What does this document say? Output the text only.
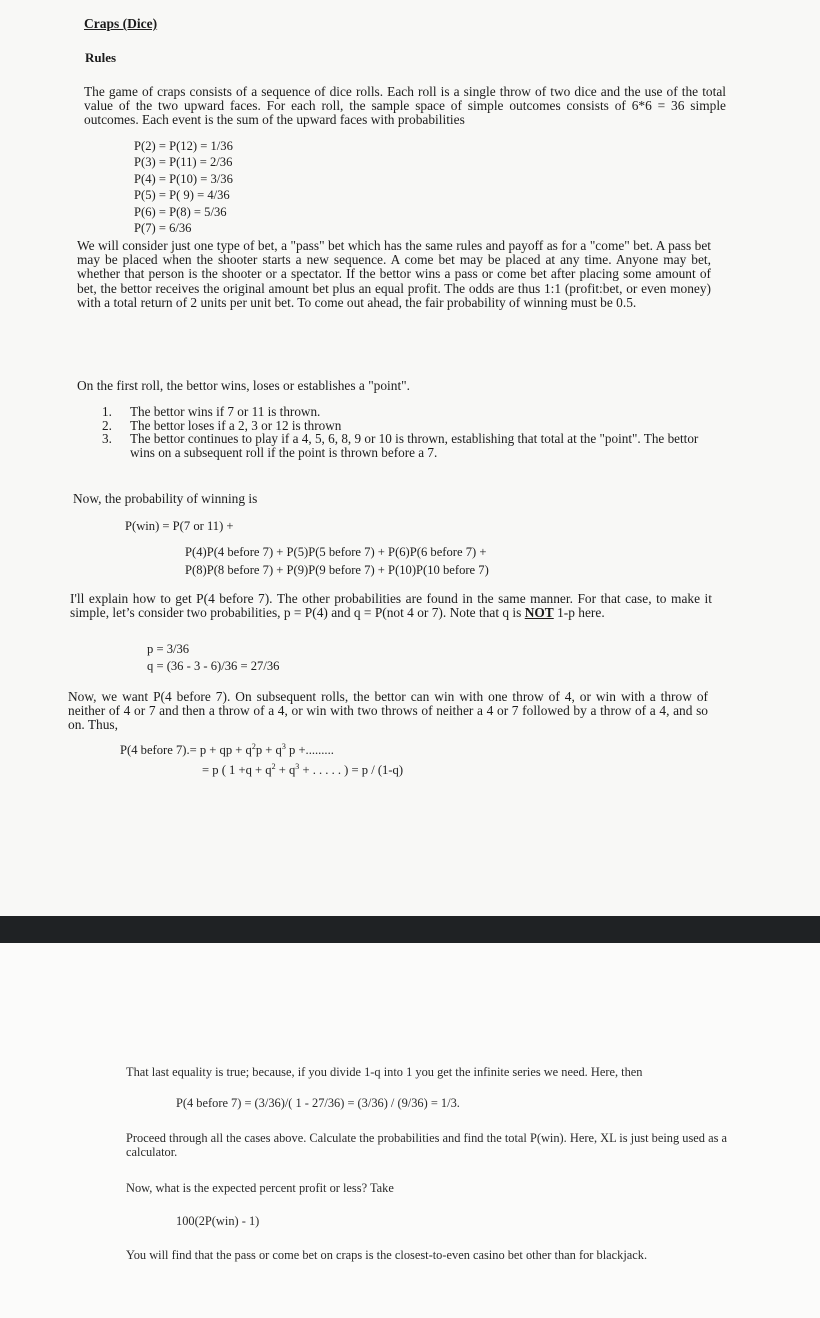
Craps (Dice)
Rules
The game of craps consists of a sequence of dice rolls. Each roll is a single throw of two dice and the use of the total value of the two upward faces. For each roll, the sample space of simple outcomes consists of 6*6 = 36 simple outcomes. Each event is the sum of the upward faces with probabilities
P(2) = P(12) = 1/36
P(3) = P(11) = 2/36
P(4) = P(10) = 3/36
P(5) = P( 9) = 4/36
P(6) = P(8) = 5/36
P(7) = 6/36
We will consider just one type of bet, a "pass" bet which has the same rules and payoff as for a "come" bet. A pass bet may be placed when the shooter starts a new sequence. A come bet may be placed at any time. Anyone may bet, whether that person is the shooter or a spectator. If the bettor wins a pass or come bet after placing some amount of bet, the bettor receives the original amount bet plus an equal profit. The odds are thus 1:1 (profit:bet, or even money) with a total return of 2 units per unit bet. To come out ahead, the fair probability of winning must be 0.5.
On the first roll, the bettor wins, loses or establishes a "point".
1. The bettor wins if 7 or 11 is thrown.
2. The bettor loses if a 2, 3 or 12 is thrown
3. The bettor continues to play if a 4, 5, 6, 8, 9 or 10 is thrown, establishing that total at the "point". The bettor wins on a subsequent roll if the point is thrown before a 7.
Now, the probability of winning is
P(win) = P(7 or 11) +
P(4)P(4 before 7) + P(5)P(5 before 7) + P(6)P(6 before 7) +
P(8)P(8 before 7) + P(9)P(9 before 7) + P(10)P(10 before 7)
I'll explain how to get P(4 before 7). The other probabilities are found in the same manner. For that case, to make it simple, let’s consider two probabilities, p = P(4) and q = P(not 4 or 7). Note that q is NOT 1-p here.
p = 3/36
q = (36 - 3 - 6)/36 = 27/36
Now, we want P(4 before 7). On subsequent rolls, the bettor can win with one throw of 4, or win with a throw of neither of 4 or 7 and then a throw of a 4, or win with two throws of neither a 4 or 7 followed by a throw of a 4, and so on. Thus,
P(4 before 7).= p + qp + $q^2p + q^3$ p +.........
= p ( $1 +q + q^2 + q^3$ + . . . . . ) = p / (1-q)
That last equality is true; because, if you divide 1-q into 1 you get the infinite series we need. Here, then
P(4 before 7) = (3/36)/( 1 - 27/36) = (3/36) / (9/36) = 1/3.
Proceed through all the cases above. Calculate the probabilities and find the total P(win). Here, XL is just being used as a calculator.
Now, what is the expected percent profit or less? Take
100(2P(win) - 1)
You will find that the pass or come bet on craps is the closest-to-even casino bet other than for blackjack.
